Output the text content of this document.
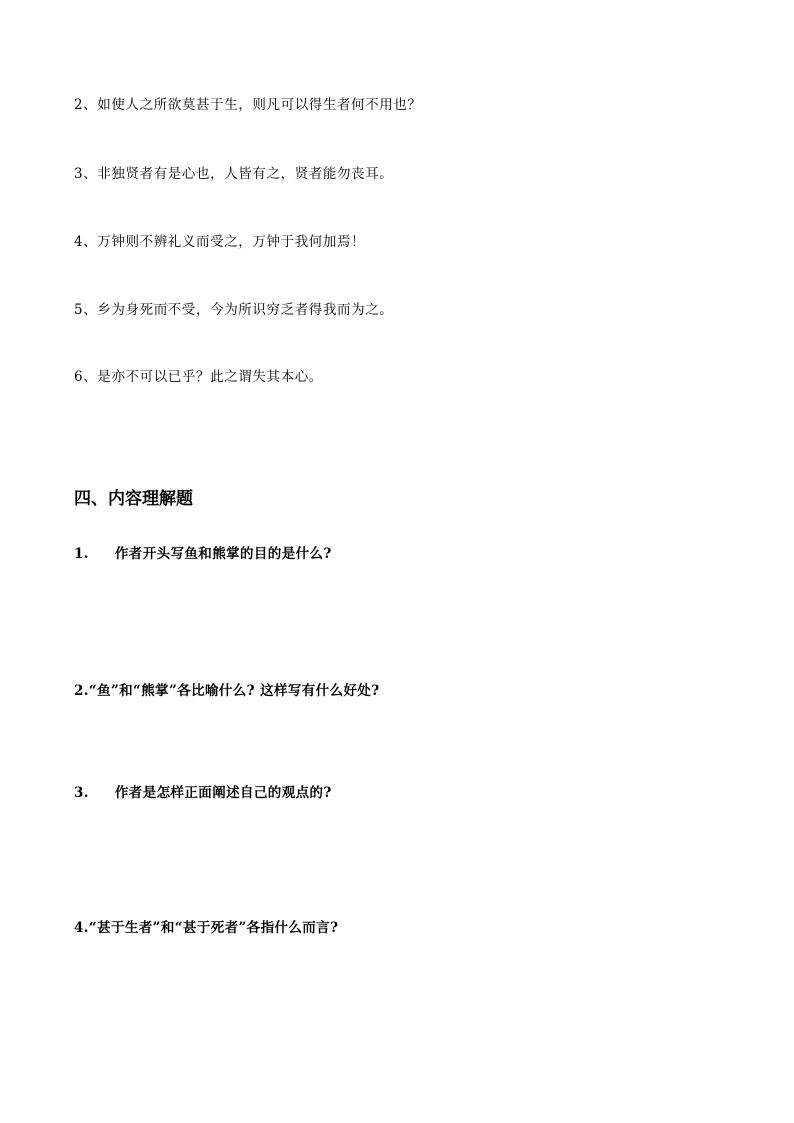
2、如使人之所欲莫甚于生，则凡可以得生者何不用也？
3、非独贤者有是心也，人皆有之，贤者能勿丧耳。
4、万钟则不辨礼义而受之，万钟于我何加焉！
5、乡为身死而不受，今为所识穷乏者得我而为之。
6、是亦不可以已乎？此之谓失其本心。
四、内容理解题
1. 作者开头写鱼和熊掌的目的是什么?
2.“鱼”和“熊掌”各比喻什么? 这样写有什么好处?
3. 作者是怎样正面阐述自己的观点的?
4.“甚于生者”和“甚于死者”各指什么而言?
